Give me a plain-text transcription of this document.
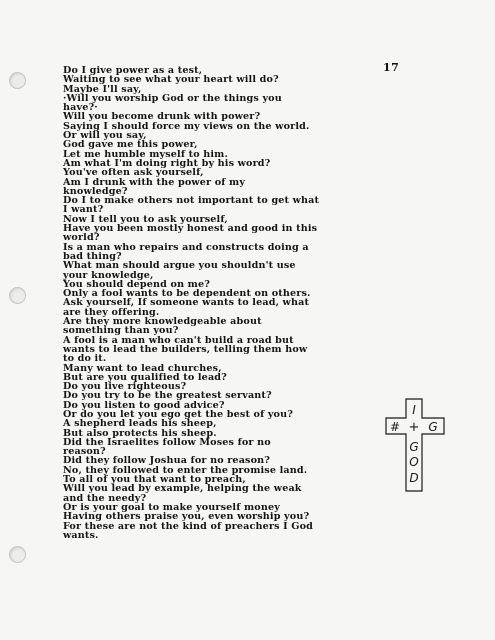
17
Do I give power as a test,
Waiting to see what your heart will do?
Maybe I'll say,
·Will you worship God or the things you
have?·
Will you become drunk with power?
Saying I should force my views on the world.
Or will you say,
God gave me this power,
Let me humble myself to him.
Am what I'm doing right by his word?
You've often ask yourself,
Am I drunk with the power of my
knowledge?
Do I to make others not important to get what
I want?
Now I tell you to ask yourself,
Have you been mostly honest and good in this
world?
Is a man who repairs and constructs doing a
bad thing?
What man should argue you shouldn't use
your knowledge,
You should depend on me?
Only a fool wants to be dependent on others.
Ask yourself, If someone wants to lead, what
are they offering.
Are they more knowledgeable about
something than you?
A fool is a man who can't build a road but
wants to lead the builders, telling them how
to do it.
Many want to lead churches,
But are you qualified to lead?
Do you live righteous?
Do you try to be the greatest servant?
Do you listen to good advice?
Or do you let you ego get the best of you?
A shepherd leads his sheep,
But also protects his sheep.
Did the Israelites follow Moses for no
reason?
Did they follow Joshua for no reason?
No, they followed to enter the promise land.
To all of you that want to preach,
Will you lead by example, helping the weak
and the needy?
Or is your goal to make yourself money
Having others praise you, even worship you?
For these are not the kind of preachers I God
wants.
I
# + G
G
O
D
